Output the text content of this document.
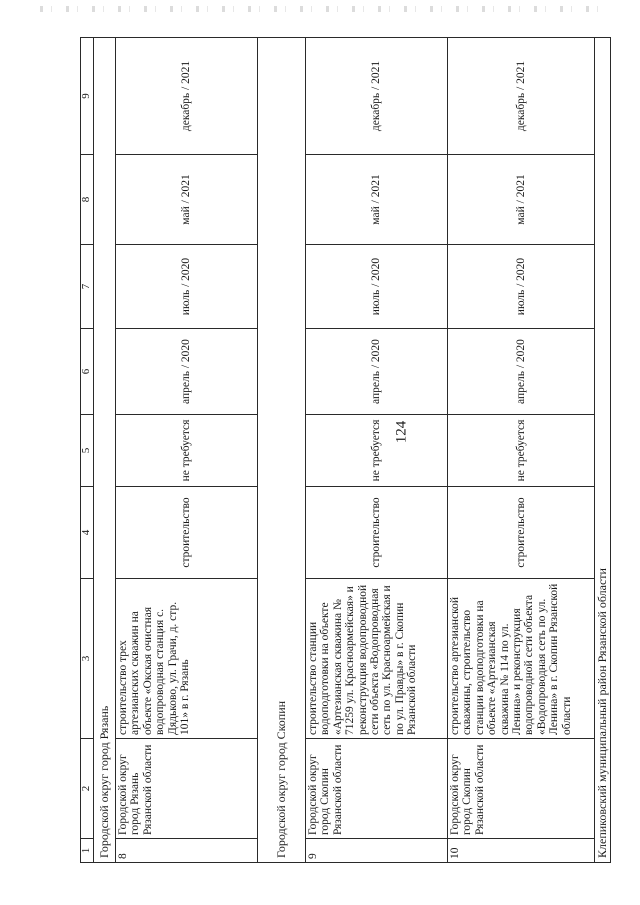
124
1	2	3	4	5	6	7	8	9
Городской округ город Рязань								
8	Городской округ город Рязань Рязанской области	строительство трех артезианских скважин на объекте «Окская очистная водопроводная станция с. Дядьково, ул. Грачи, д. стр. 101» в г. Рязань	строительство	не требуется	апрель / 2020	июль / 2020	май / 2021	декабрь / 2021
Городской округ город Скопин								
9	Городской округ город Скопин Рязанской области	строительство станции водоподготовки на объекте «Артезианская скважина № 71259 ул. Красноармейская» и реконструкция водопроводной сети объекта «Водопроводная сеть по ул. Красноармейская и по ул. Правды» в г. Скопин Рязанской области	строительство	не требуется	апрель / 2020	июль / 2020	май / 2021	декабрь / 2021
10	Городской округ город Скопин Рязанской области	строительство артезианской скважины, строительство станции водоподготовки на объекте «Артезианская скважина № 114 по ул. Ленина» и реконструкция водопроводной сети объекта «Водопроводная сеть по ул. Ленина» в г. Скопин Рязанской области	строительство	не требуется	апрель / 2020	июль / 2020	май / 2021	декабрь / 2021
Клепиковский муниципальный район Рязанской области								
